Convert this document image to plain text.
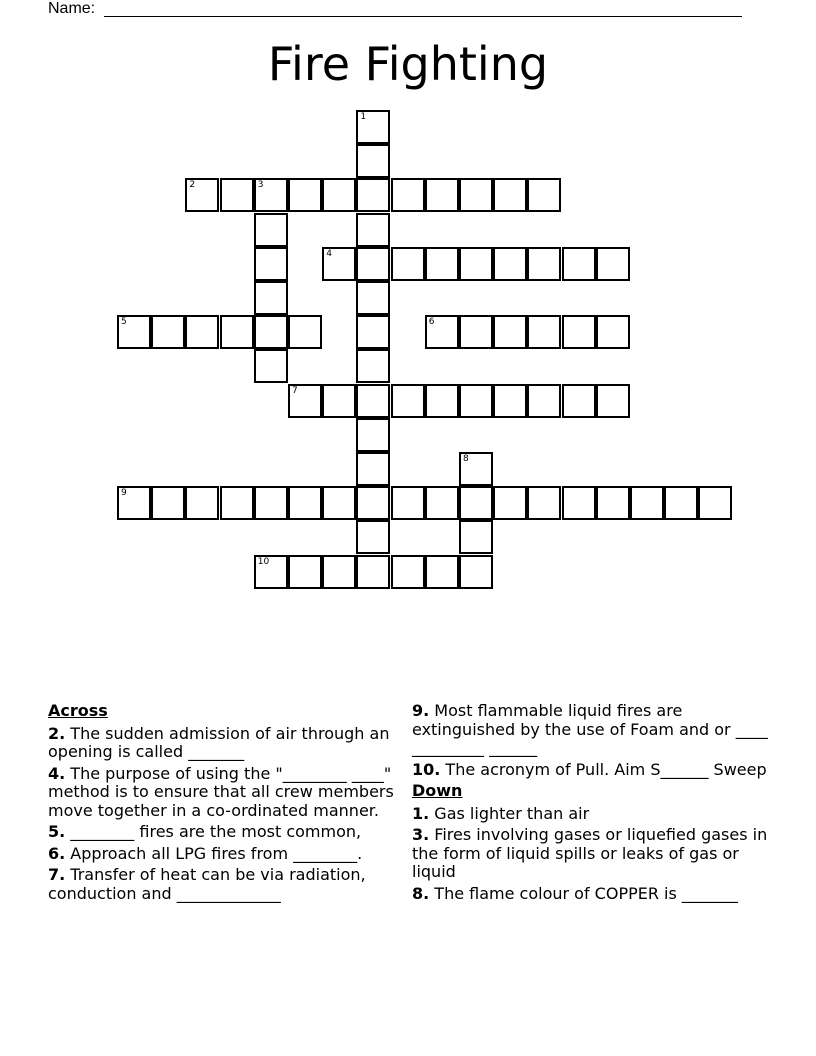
Name:
Fire Fighting
1
2	3
4
5	6
7
8
9
10
Across
2. The sudden admission of air through an opening is called _______
4. The purpose of using the "________ ____" method is to ensure that all crew members move together in a co-ordinated manner.
5. ________ fires are the most common,
6. Approach all LPG fires from ________.
7. Transfer of heat can be via radiation, conduction and _____________
9. Most flammable liquid fires are extinguished by the use of Foam and or ____ _________ ______
10. The acronym of Pull. Aim S______ Sweep
Down
1. Gas lighter than air
3. Fires involving gases or liquefied gases in the form of liquid spills or leaks of gas or liquid
8. The flame colour of COPPER is _______
